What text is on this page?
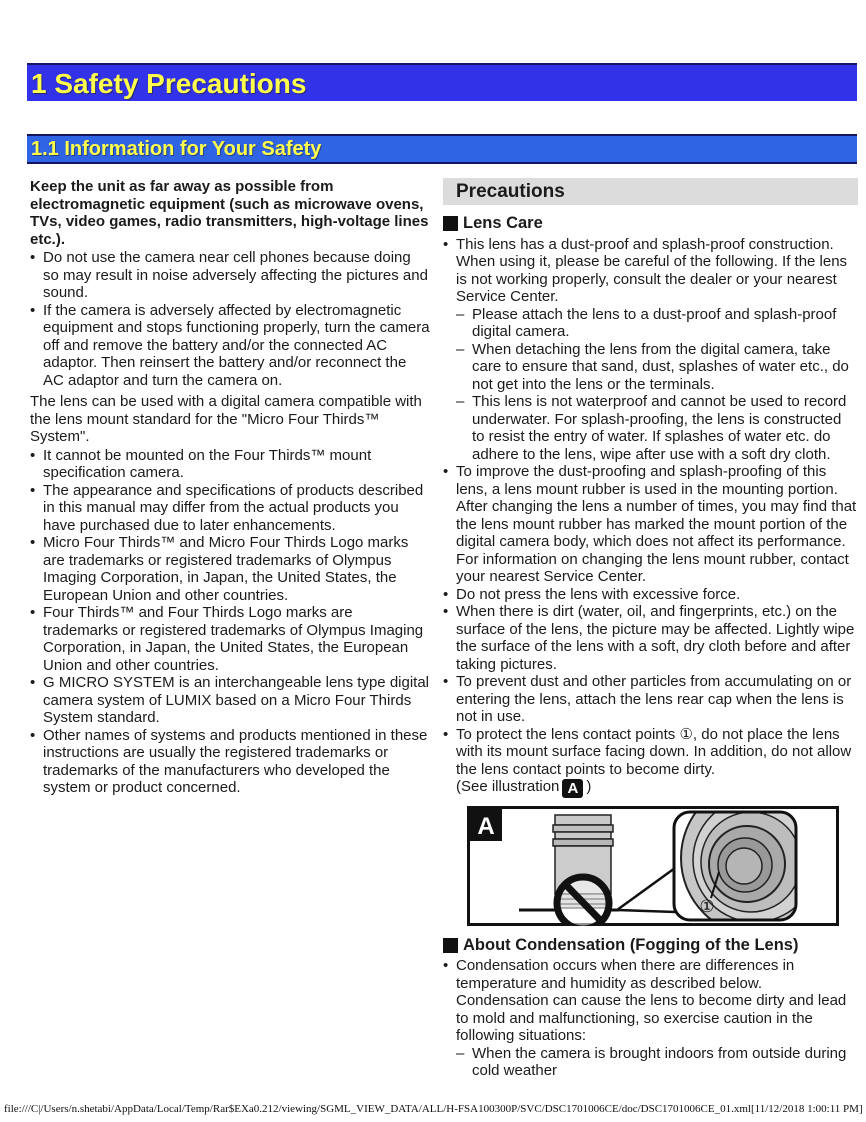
1 Safety Precautions
1.1 Information for Your Safety

Keep the unit as far away as possible from electromagnetic equipment (such as microwave ovens, TVs, video games, radio transmitters, high-voltage lines etc.).

• Do not use the camera near cell phones because doing so may result in noise adversely affecting the pictures and sound.
• If the camera is adversely affected by electromagnetic equipment and stops functioning properly, turn the camera off and remove the battery and/or the connected AC adaptor. Then reinsert the battery and/or reconnect the AC adaptor and turn the camera on.

The lens can be used with a digital camera compatible with the lens mount standard for the "Micro Four Thirds™ System".

• It cannot be mounted on the Four Thirds™ mount specification camera.
• The appearance and specifications of products described in this manual may differ from the actual products you have purchased due to later enhancements.
• Micro Four Thirds™ and Micro Four Thirds Logo marks are trademarks or registered trademarks of Olympus Imaging Corporation, in Japan, the United States, the European Union and other countries.
• Four Thirds™ and Four Thirds Logo marks are trademarks or registered trademarks of Olympus Imaging Corporation, in Japan, the United States, the European Union and other countries.
• G MICRO SYSTEM is an interchangeable lens type digital camera system of LUMIX based on a Micro Four Thirds System standard.
• Other names of systems and products mentioned in these instructions are usually the registered trademarks or trademarks of the manufacturers who developed the system or product concerned.
Precautions
Lens Care
• This lens has a dust-proof and splash-proof construction. When using it, please be careful of the following. If the lens is not working properly, consult the dealer or your nearest Service Center.
– Please attach the lens to a dust-proof and splash-proof digital camera.
– When detaching the lens from the digital camera, take care to ensure that sand, dust, splashes of water etc., do not get into the lens or the terminals.
– This lens is not waterproof and cannot be used to record underwater. For splash-proofing, the lens is constructed to resist the entry of water. If splashes of water etc. do adhere to the lens, wipe after use with a soft dry cloth.
• To improve the dust-proofing and splash-proofing of this lens, a lens mount rubber is used in the mounting portion. After changing the lens a number of times, you may find that the lens mount rubber has marked the mount portion of the digital camera body, which does not affect its performance. For information on changing the lens mount rubber, contact your nearest Service Center.
• Do not press the lens with excessive force.
• When there is dirt (water, oil, and fingerprints, etc.) on the surface of the lens, the picture may be affected. Lightly wipe the surface of the lens with a soft, dry cloth before and after taking pictures.
• To prevent dust and other particles from accumulating on or entering the lens, attach the lens rear cap when the lens is not in use.
• To protect the lens contact points ①, do not place the lens with its mount surface facing down. In addition, do not allow the lens contact points to become dirty.
(See illustration A )
①
A
About Condensation (Fogging of the Lens)
• Condensation occurs when there are differences in temperature and humidity as described below. Condensation can cause the lens to become dirty and lead to mold and malfunctioning, so exercise caution in the following situations:
– When the camera is brought indoors from outside during cold weather
file:///C|/Users/n.shetabi/AppData/Local/Temp/Rar$EXa0.212/viewing/SGML_VIEW_DATA/ALL/H-FSA100300P/SVC/DSC1701006CE/doc/DSC1701006CE_01.xml[11/12/2018 1:00:11 PM]
